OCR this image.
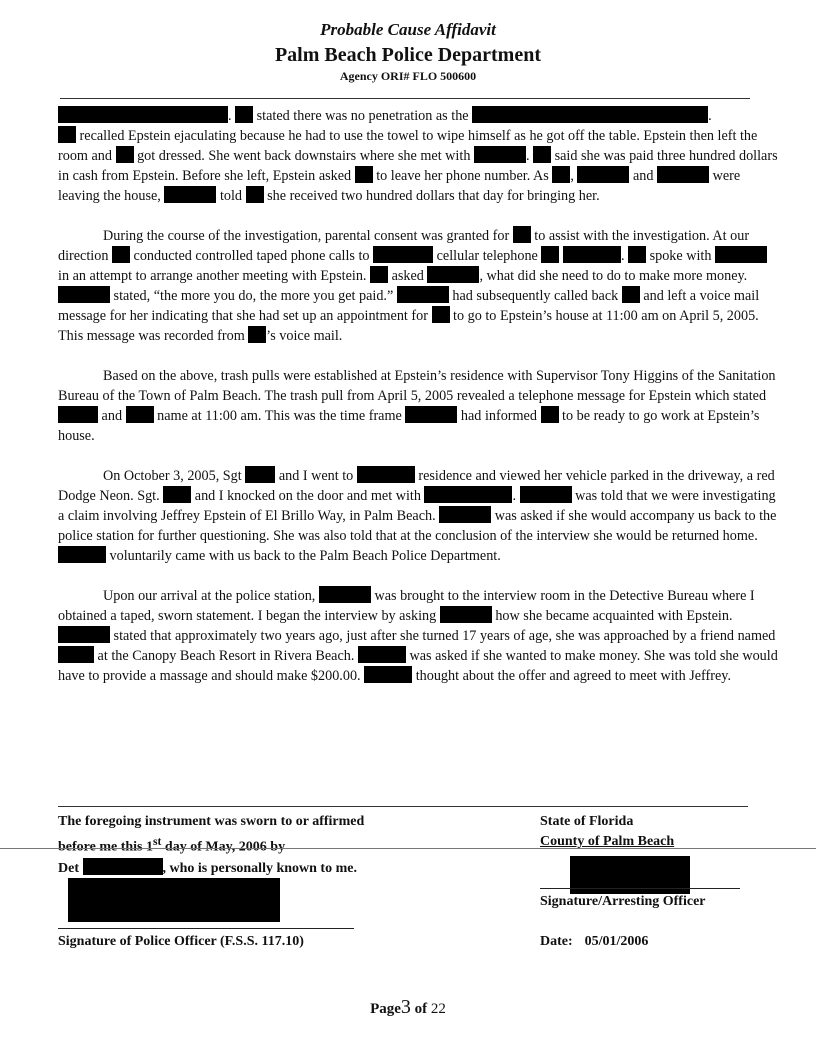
Probable Cause Affidavit
Palm Beach Police Department
Agency ORI# FLO 500600

.  stated there was no penetration as the	.
recalled Epstein ejaculating because he had to use the towel to wipe himself as he got off the table. Epstein then left the room and got dressed. She went back downstairs where she met with	.  said she was paid three hundred dollars in cash from Epstein. Before she left, Epstein asked to leave her phone number. As ,	and	were leaving the house,	told she received two hundred dollars that day for bringing her.

During the course of the investigation, parental consent was granted for to assist with the investigation. At our direction conducted controlled taped phone calls to	cellular telephone	.  spoke with  in an attempt to arrange another meeting with Epstein. asked	, what did she need to do to make more money.  stated, “the more you do, the more you get paid.”	had subsequently called back and left a voice mail message for her indicating that she had set up an appointment for to go to Epstein’s house at 11:00 am on April 5, 2005. This message was recorded from ’s voice mail.

Based on the above, trash pulls were established at Epstein’s residence with Supervisor Tony Higgins of the Sanitation Bureau of the Town of Palm Beach. The trash pull from April 5, 2005 revealed a telephone message for Epstein which stated  and name at 11:00 am. This was the time frame	had informed to be ready to go work at Epstein’s house.

On October 3, 2005, Sgt	and I went to	residence and viewed her vehicle parked in the driveway, a red Dodge Neon. Sgt. and I knocked on the door and met with	.	was told that we were investigating a claim involving Jeffrey Epstein of El Brillo Way, in Palm Beach.	was asked if she would accompany us back to the police station for further questioning. She was also told that at the conclusion of the interview she would be returned home.  voluntarily came with us back to the Palm Beach Police Department.

Upon our arrival at the police station,	was brought to the interview room in the Detective Bureau where I obtained a taped, sworn statement. I began the interview by asking	how she became acquainted with Epstein.  stated that approximately two years ago, just after she turned 17 years of age, she was approached by a friend named  at the Canopy Beach Resort in Rivera Beach.	was asked if she wanted to make money. She was told she would have to provide a massage and should make $200.00.	thought about the offer and agreed to meet with Jeffrey.

The foregoing instrument was sworn to or affirmed
before me this 1st day of May, 2006 by
Det	, who is personally known to me.
State of Florida
County of Palm Beach
Signature of Police Officer (F.S.S. 117.10)
Signature/Arresting Officer
Date: 05/01/2006
Page3 of 22
